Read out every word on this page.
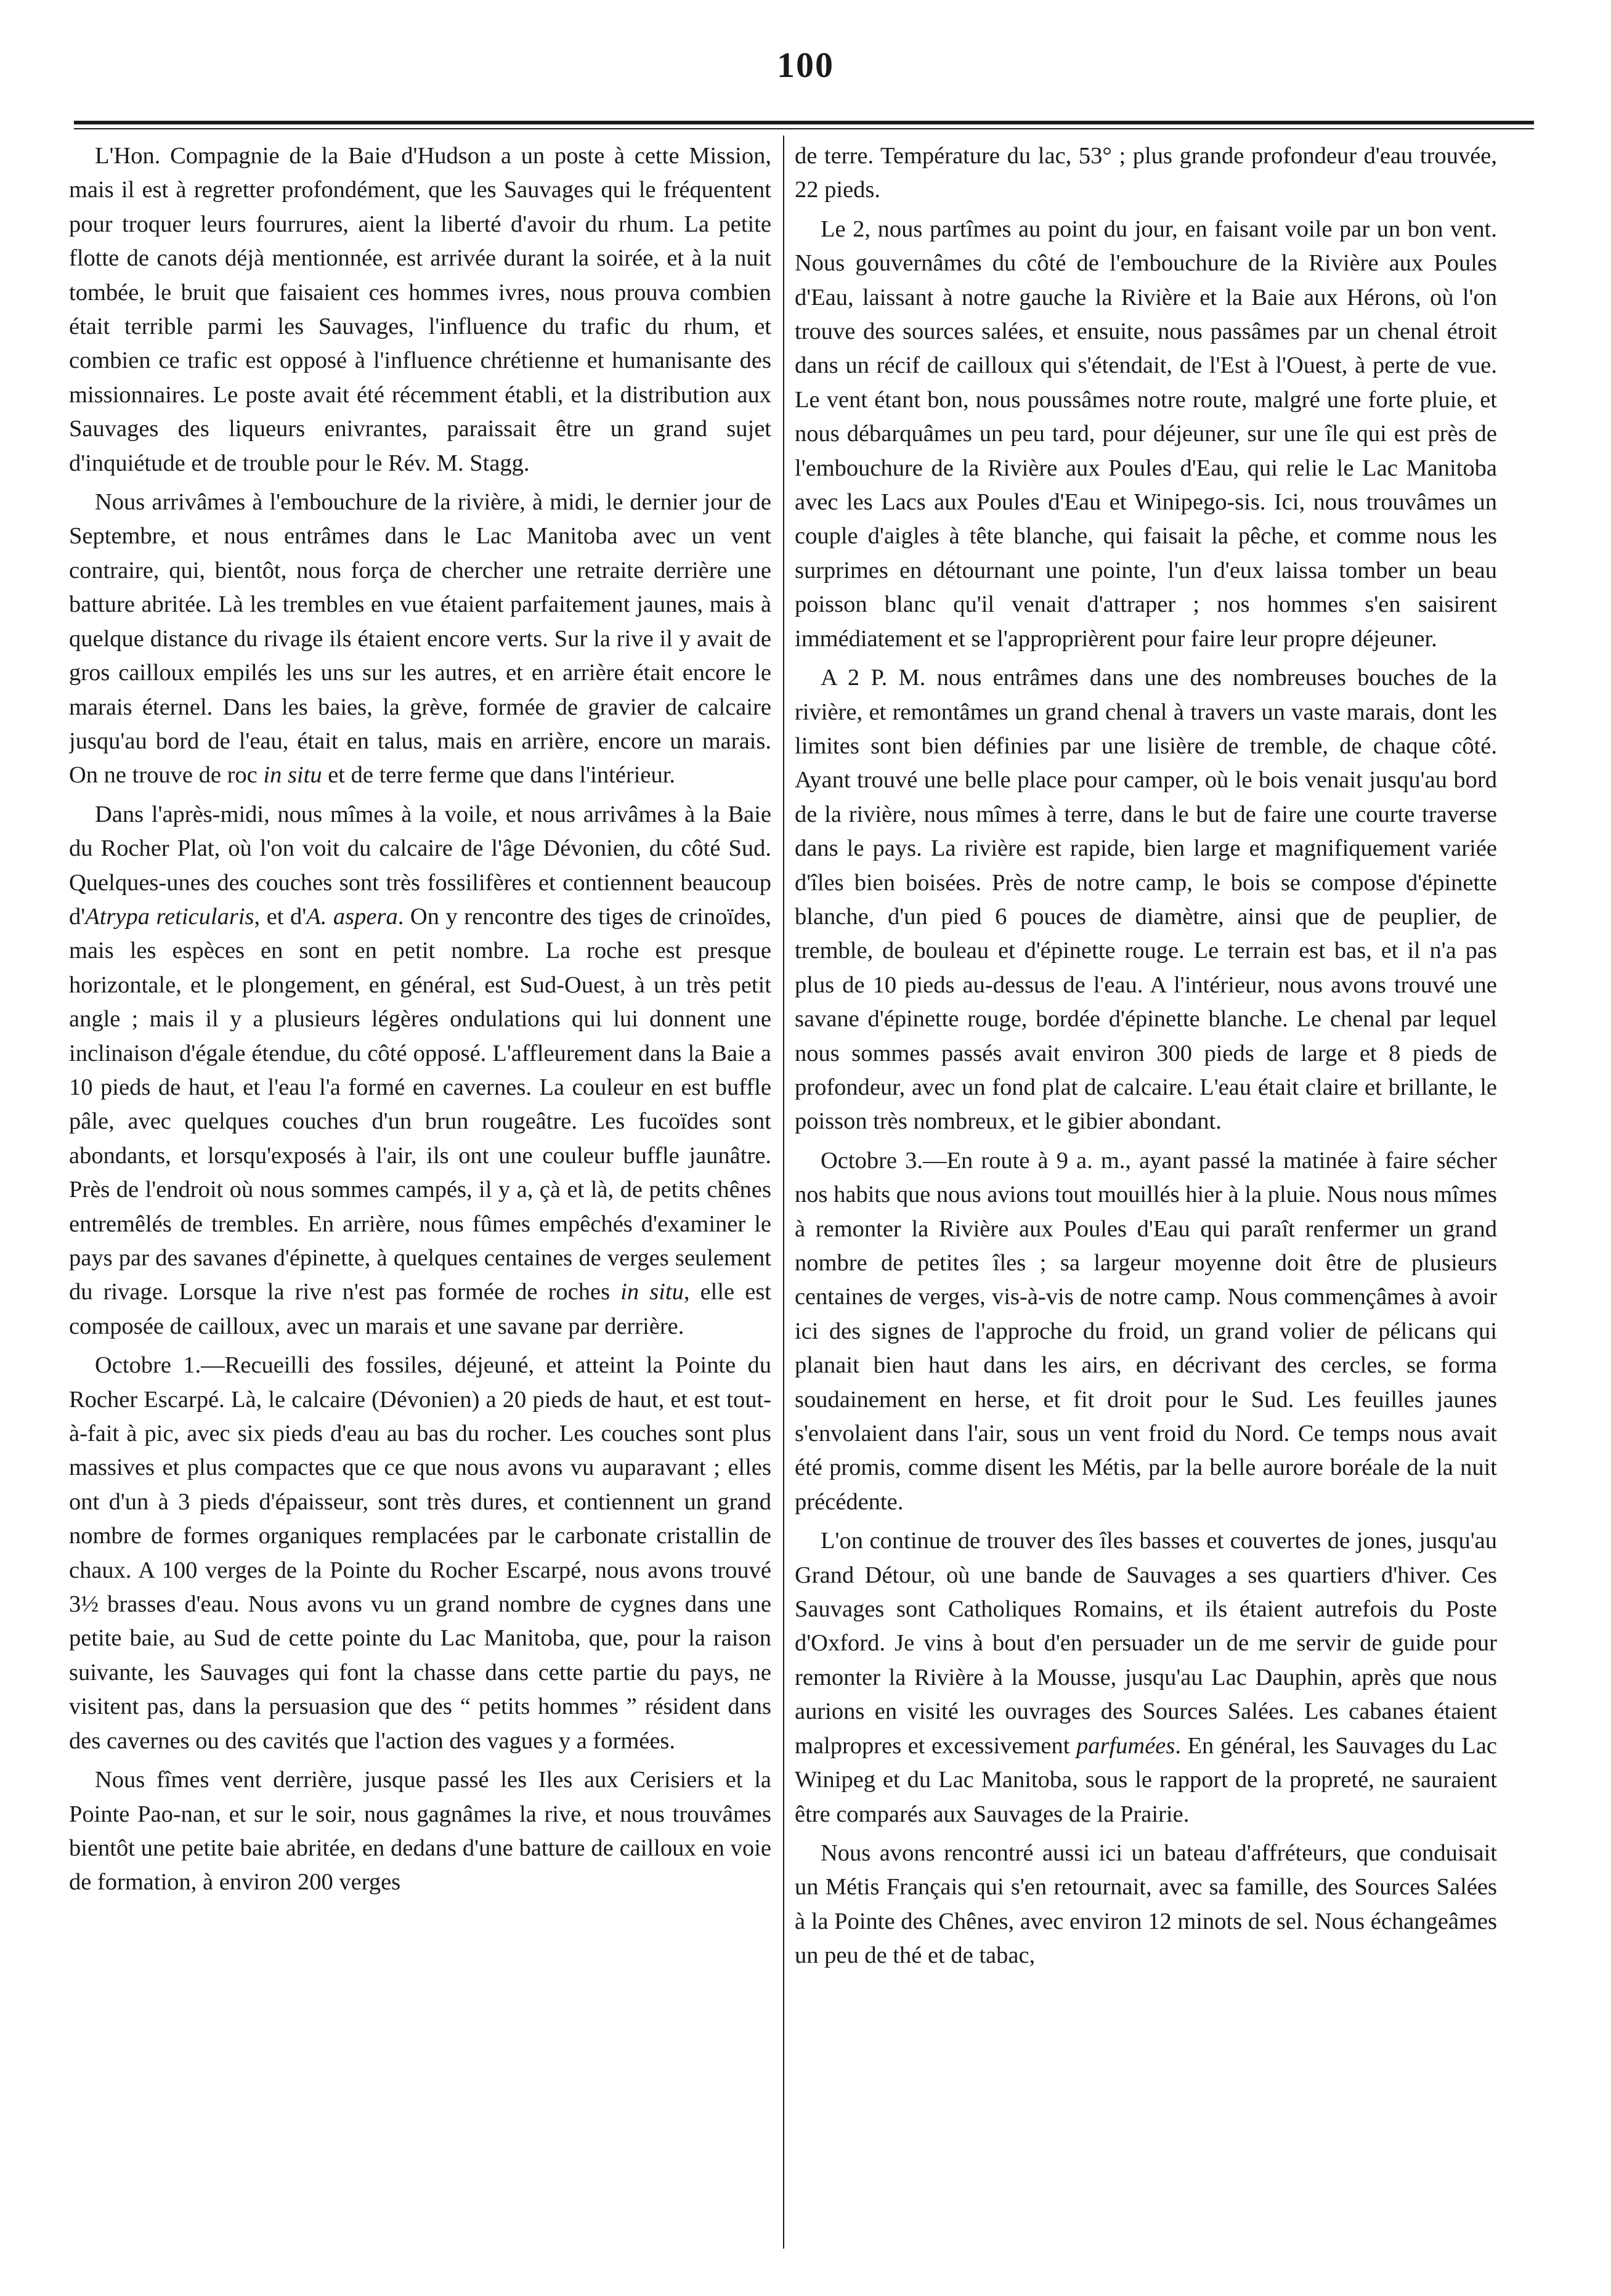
100

L'Hon. Compagnie de la Baie d'Hudson a un poste à cette Mission, mais il est à regretter profondément, que les Sauvages qui le fréquentent pour troquer leurs fourrures, aient la liberté d'avoir du rhum. La petite flotte de canots déjà mentionnée, est arrivée durant la soirée, et à la nuit tombée, le bruit que faisaient ces hommes ivres, nous prouva combien était terrible parmi les Sauvages, l'influence du trafic du rhum, et combien ce trafic est opposé à l'influence chrétienne et humanisante des missionnaires. Le poste avait été récemment établi, et la distribution aux Sauvages des liqueurs enivrantes, paraissait être un grand sujet d'inquiétude et de trouble pour le Rév. M. Stagg.

Nous arrivâmes à l'embouchure de la rivière, à midi, le dernier jour de Septembre, et nous entrâmes dans le Lac Manitoba avec un vent contraire, qui, bientôt, nous força de chercher une retraite derrière une batture abritée. Là les trembles en vue étaient parfaitement jaunes, mais à quelque distance du rivage ils étaient encore verts. Sur la rive il y avait de gros cailloux empilés les uns sur les autres, et en arrière était encore le marais éternel. Dans les baies, la grève, formée de gravier de calcaire jusqu'au bord de l'eau, était en talus, mais en arrière, encore un marais. On ne trouve de roc in situ et de terre ferme que dans l'intérieur.

Dans l'après-midi, nous mîmes à la voile, et nous arrivâmes à la Baie du Rocher Plat, où l'on voit du calcaire de l'âge Dévonien, du côté Sud. Quelques-unes des couches sont très fossilifères et contiennent beaucoup d'Atrypa reticularis, et d'A. aspera. On y rencontre des tiges de crinoïdes, mais les espèces en sont en petit nombre. La roche est presque horizontale, et le plongement, en général, est Sud-Ouest, à un très petit angle ; mais il y a plusieurs légères ondulations qui lui donnent une inclinaison d'égale étendue, du côté opposé. L'affleurement dans la Baie a 10 pieds de haut, et l'eau l'a formé en cavernes. La couleur en est buffle pâle, avec quelques couches d'un brun rougeâtre. Les fucoïdes sont abondants, et lorsqu'exposés à l'air, ils ont une couleur buffle jaunâtre. Près de l'endroit où nous sommes campés, il y a, çà et là, de petits chênes entremêlés de trembles. En arrière, nous fûmes empêchés d'examiner le pays par des savanes d'épinette, à quelques centaines de verges seulement du rivage. Lorsque la rive n'est pas formée de roches in situ, elle est composée de cailloux, avec un marais et une savane par derrière.

Octobre 1.—Recueilli des fossiles, déjeuné, et atteint la Pointe du Rocher Escarpé. Là, le calcaire (Dévonien) a 20 pieds de haut, et est tout-à-fait à pic, avec six pieds d'eau au bas du rocher. Les couches sont plus massives et plus compactes que ce que nous avons vu auparavant ; elles ont d'un à 3 pieds d'épaisseur, sont très dures, et contiennent un grand nombre de formes organiques remplacées par le carbonate cristallin de chaux. A 100 verges de la Pointe du Rocher Escarpé, nous avons trouvé 3½ brasses d'eau. Nous avons vu un grand nombre de cygnes dans une petite baie, au Sud de cette pointe du Lac Manitoba, que, pour la raison suivante, les Sauvages qui font la chasse dans cette partie du pays, ne visitent pas, dans la persuasion que des “ petits hommes ” résident dans des cavernes ou des cavités que l'action des vagues y a formées.

Nous fîmes vent derrière, jusque passé les Iles aux Cerisiers et la Pointe Pao-nan, et sur le soir, nous gagnâmes la rive, et nous trouvâmes bientôt une petite baie abritée, en dedans d'une batture de cailloux en voie de formation, à environ 200 verges

de terre. Température du lac, 53° ; plus grande profondeur d'eau trouvée, 22 pieds.

Le 2, nous partîmes au point du jour, en faisant voile par un bon vent. Nous gouvernâmes du côté de l'embouchure de la Rivière aux Poules d'Eau, laissant à notre gauche la Rivière et la Baie aux Hérons, où l'on trouve des sources salées, et ensuite, nous passâmes par un chenal étroit dans un récif de cailloux qui s'étendait, de l'Est à l'Ouest, à perte de vue. Le vent étant bon, nous poussâmes notre route, malgré une forte pluie, et nous débarquâmes un peu tard, pour déjeuner, sur une île qui est près de l'embouchure de la Rivière aux Poules d'Eau, qui relie le Lac Manitoba avec les Lacs aux Poules d'Eau et Winipego-sis. Ici, nous trouvâmes un couple d'aigles à tête blanche, qui faisait la pêche, et comme nous les surprimes en détournant une pointe, l'un d'eux laissa tomber un beau poisson blanc qu'il venait d'attraper ; nos hommes s'en saisirent immédiatement et se l'approprièrent pour faire leur propre déjeuner.

A 2 P. M. nous entrâmes dans une des nombreuses bouches de la rivière, et remontâmes un grand chenal à travers un vaste marais, dont les limites sont bien définies par une lisière de tremble, de chaque côté. Ayant trouvé une belle place pour camper, où le bois venait jusqu'au bord de la rivière, nous mîmes à terre, dans le but de faire une courte traverse dans le pays. La rivière est rapide, bien large et magnifiquement variée d'îles bien boisées. Près de notre camp, le bois se compose d'épinette blanche, d'un pied 6 pouces de diamètre, ainsi que de peuplier, de tremble, de bouleau et d'épinette rouge. Le terrain est bas, et il n'a pas plus de 10 pieds au-dessus de l'eau. A l'intérieur, nous avons trouvé une savane d'épinette rouge, bordée d'épinette blanche. Le chenal par lequel nous sommes passés avait environ 300 pieds de large et 8 pieds de profondeur, avec un fond plat de calcaire. L'eau était claire et brillante, le poisson très nombreux, et le gibier abondant.

Octobre 3.—En route à 9 a. m., ayant passé la matinée à faire sécher nos habits que nous avions tout mouillés hier à la pluie. Nous nous mîmes à remonter la Rivière aux Poules d'Eau qui paraît renfermer un grand nombre de petites îles ; sa largeur moyenne doit être de plusieurs centaines de verges, vis-à-vis de notre camp. Nous commençâmes à avoir ici des signes de l'approche du froid, un grand volier de pélicans qui planait bien haut dans les airs, en décrivant des cercles, se forma soudainement en herse, et fit droit pour le Sud. Les feuilles jaunes s'envolaient dans l'air, sous un vent froid du Nord. Ce temps nous avait été promis, comme disent les Métis, par la belle aurore boréale de la nuit précédente.

L'on continue de trouver des îles basses et couvertes de jones, jusqu'au Grand Détour, où une bande de Sauvages a ses quartiers d'hiver. Ces Sauvages sont Catholiques Romains, et ils étaient autrefois du Poste d'Oxford. Je vins à bout d'en persuader un de me servir de guide pour remonter la Rivière à la Mousse, jusqu'au Lac Dauphin, après que nous aurions en visité les ouvrages des Sources Salées. Les cabanes étaient malpropres et excessivement parfumées. En général, les Sauvages du Lac Winipeg et du Lac Manitoba, sous le rapport de la propreté, ne sauraient être comparés aux Sauvages de la Prairie.

Nous avons rencontré aussi ici un bateau d'affréteurs, que conduisait un Métis Français qui s'en retournait, avec sa famille, des Sources Salées à la Pointe des Chênes, avec environ 12 minots de sel. Nous échangeâmes un peu de thé et de tabac,
